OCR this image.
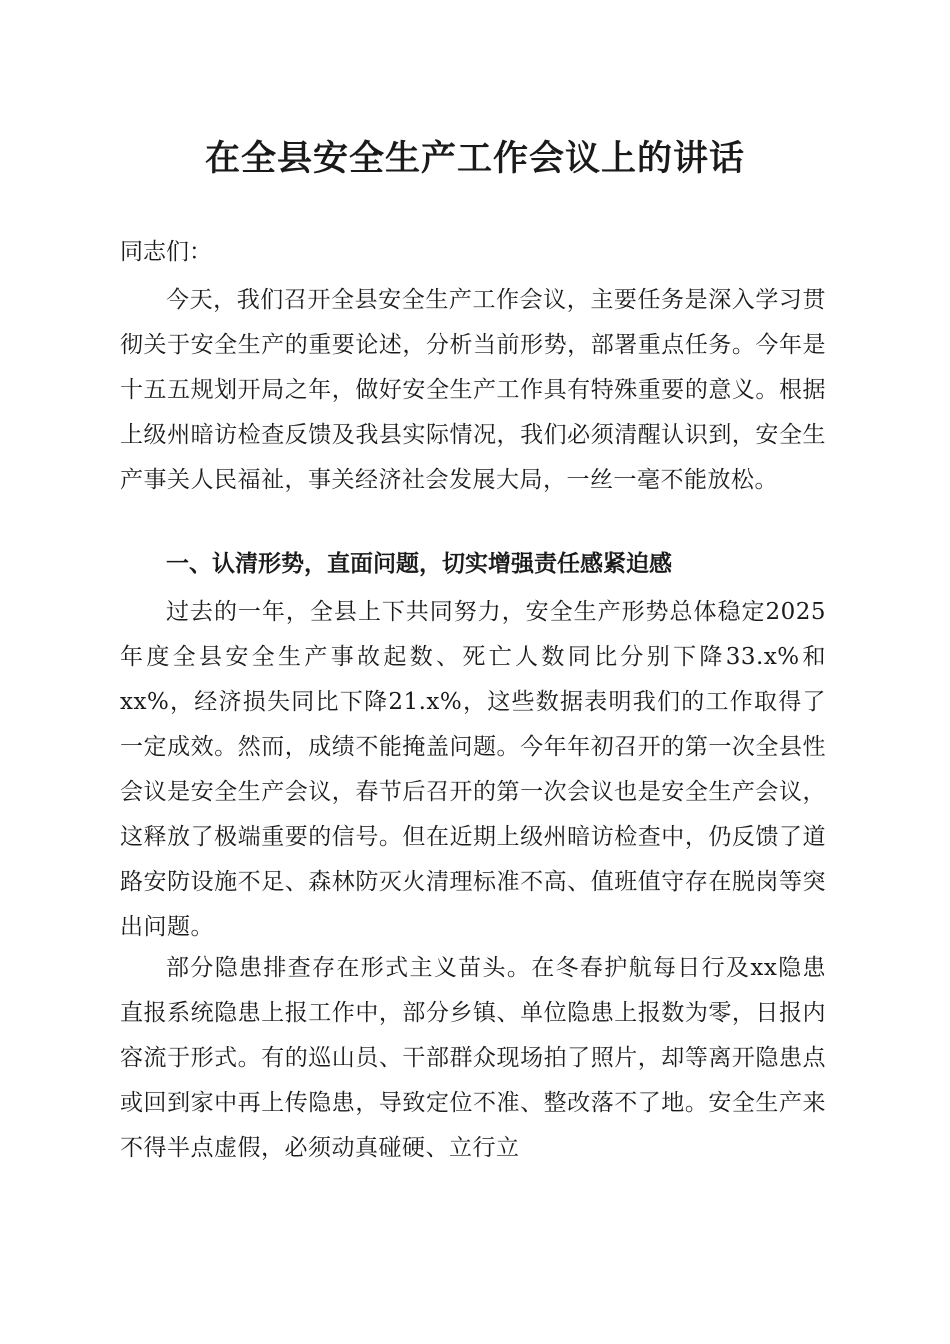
在全县安全生产工作会议上的讲话

同志们：

今天，我们召开全县安全生产工作会议，主要任务是深入学习贯彻关于安全生产的重要论述，分析当前形势，部署重点任务。今年是十五五规划开局之年，做好安全生产工作具有特殊重要的意义。根据上级州暗访检查反馈及我县实际情况，我们必须清醒认识到，安全生产事关人民福祉，事关经济社会发展大局，一丝一毫不能放松。

一、认清形势，直面问题，切实增强责任感紧迫感

过去的一年，全县上下共同努力，安全生产形势总体稳定2025年度全县安全生产事故起数、死亡人数同比分别下降33.x%和xx%，经济损失同比下降21.x%，这些数据表明我们的工作取得了一定成效。然而，成绩不能掩盖问题。今年年初召开的第一次全县性会议是安全生产会议，春节后召开的第一次会议也是安全生产会议，这释放了极端重要的信号。但在近期上级州暗访检查中，仍反馈了道路安防设施不足、森林防灭火清理标准不高、值班值守存在脱岗等突出问题。

部分隐患排查存在形式主义苗头。在冬春护航每日行及xx隐患直报系统隐患上报工作中，部分乡镇、单位隐患上报数为零，日报内容流于形式。有的巡山员、干部群众现场拍了照片，却等离开隐患点或回到家中再上传隐患，导致定位不准、整改落不了地。安全生产来不得半点虚假，必须动真碰硬、立行立
